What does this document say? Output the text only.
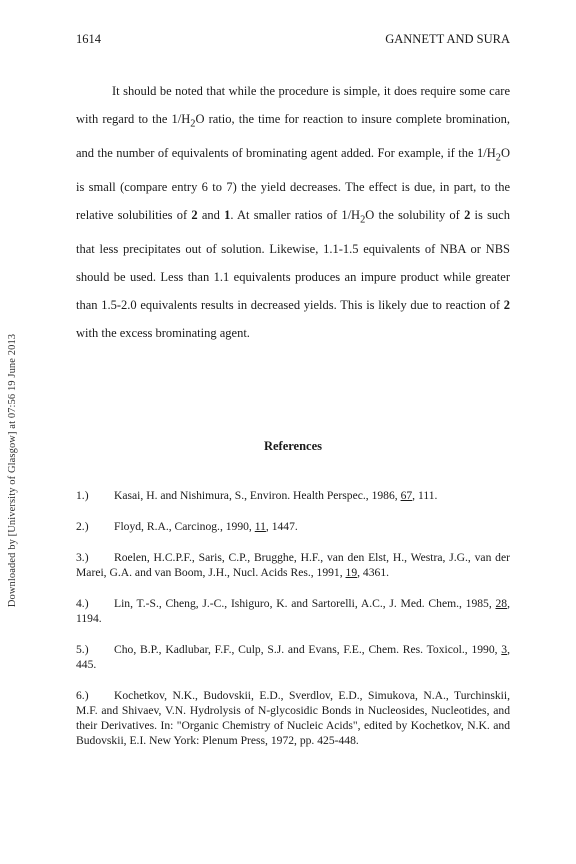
Downloaded by [University of Glasgow] at 07:56 19 June 2013
1614	GANNETT AND SURA

It should be noted that while the procedure is simple, it does require some care with regard to the $1/H_2O$ ratio, the time for reaction to insure complete bromination, and the number of equivalents of brominating agent added. For example, if the $1/H_2O$ is small (compare entry 6 to 7) the yield decreases. The effect is due, in part, to the relative solubilities of 2 and 1. At smaller ratios of $1/H_2O$ the solubility of 2 is such that less precipitates out of solution. Likewise, 1.1-1.5 equivalents of NBA or NBS should be used. Less than 1.1 equivalents produces an impure product while greater than 1.5-2.0 equivalents results in decreased yields. This is likely due to reaction of 2 with the excess brominating agent.

References
1.) Kasai, H. and Nishimura, S., Environ. Health Perspec., 1986, 67, 111.
2.) Floyd, R.A., Carcinog., 1990, 11, 1447.
3.) Roelen, H.C.P.F., Saris, C.P., Brugghe, H.F., van den Elst, H., Westra, J.G., van der Marei, G.A. and van Boom, J.H., Nucl. Acids Res., 1991, 19, 4361.
4.) Lin, T.-S., Cheng, J.-C., Ishiguro, K. and Sartorelli, A.C., J. Med. Chem., 1985, 28, 1194.
5.) Cho, B.P., Kadlubar, F.F., Culp, S.J. and Evans, F.E., Chem. Res. Toxicol., 1990, 3, 445.
6.) Kochetkov, N.K., Budovskii, E.D., Sverdlov, E.D., Simukova, N.A., Turchinskii, M.F. and Shivaev, V.N. Hydrolysis of N-glycosidic Bonds in Nucleosides, Nucleotides, and their Derivatives. In: "Organic Chemistry of Nucleic Acids", edited by Kochetkov, N.K. and Budovskii, E.I. New York: Plenum Press, 1972, pp. 425-448.
